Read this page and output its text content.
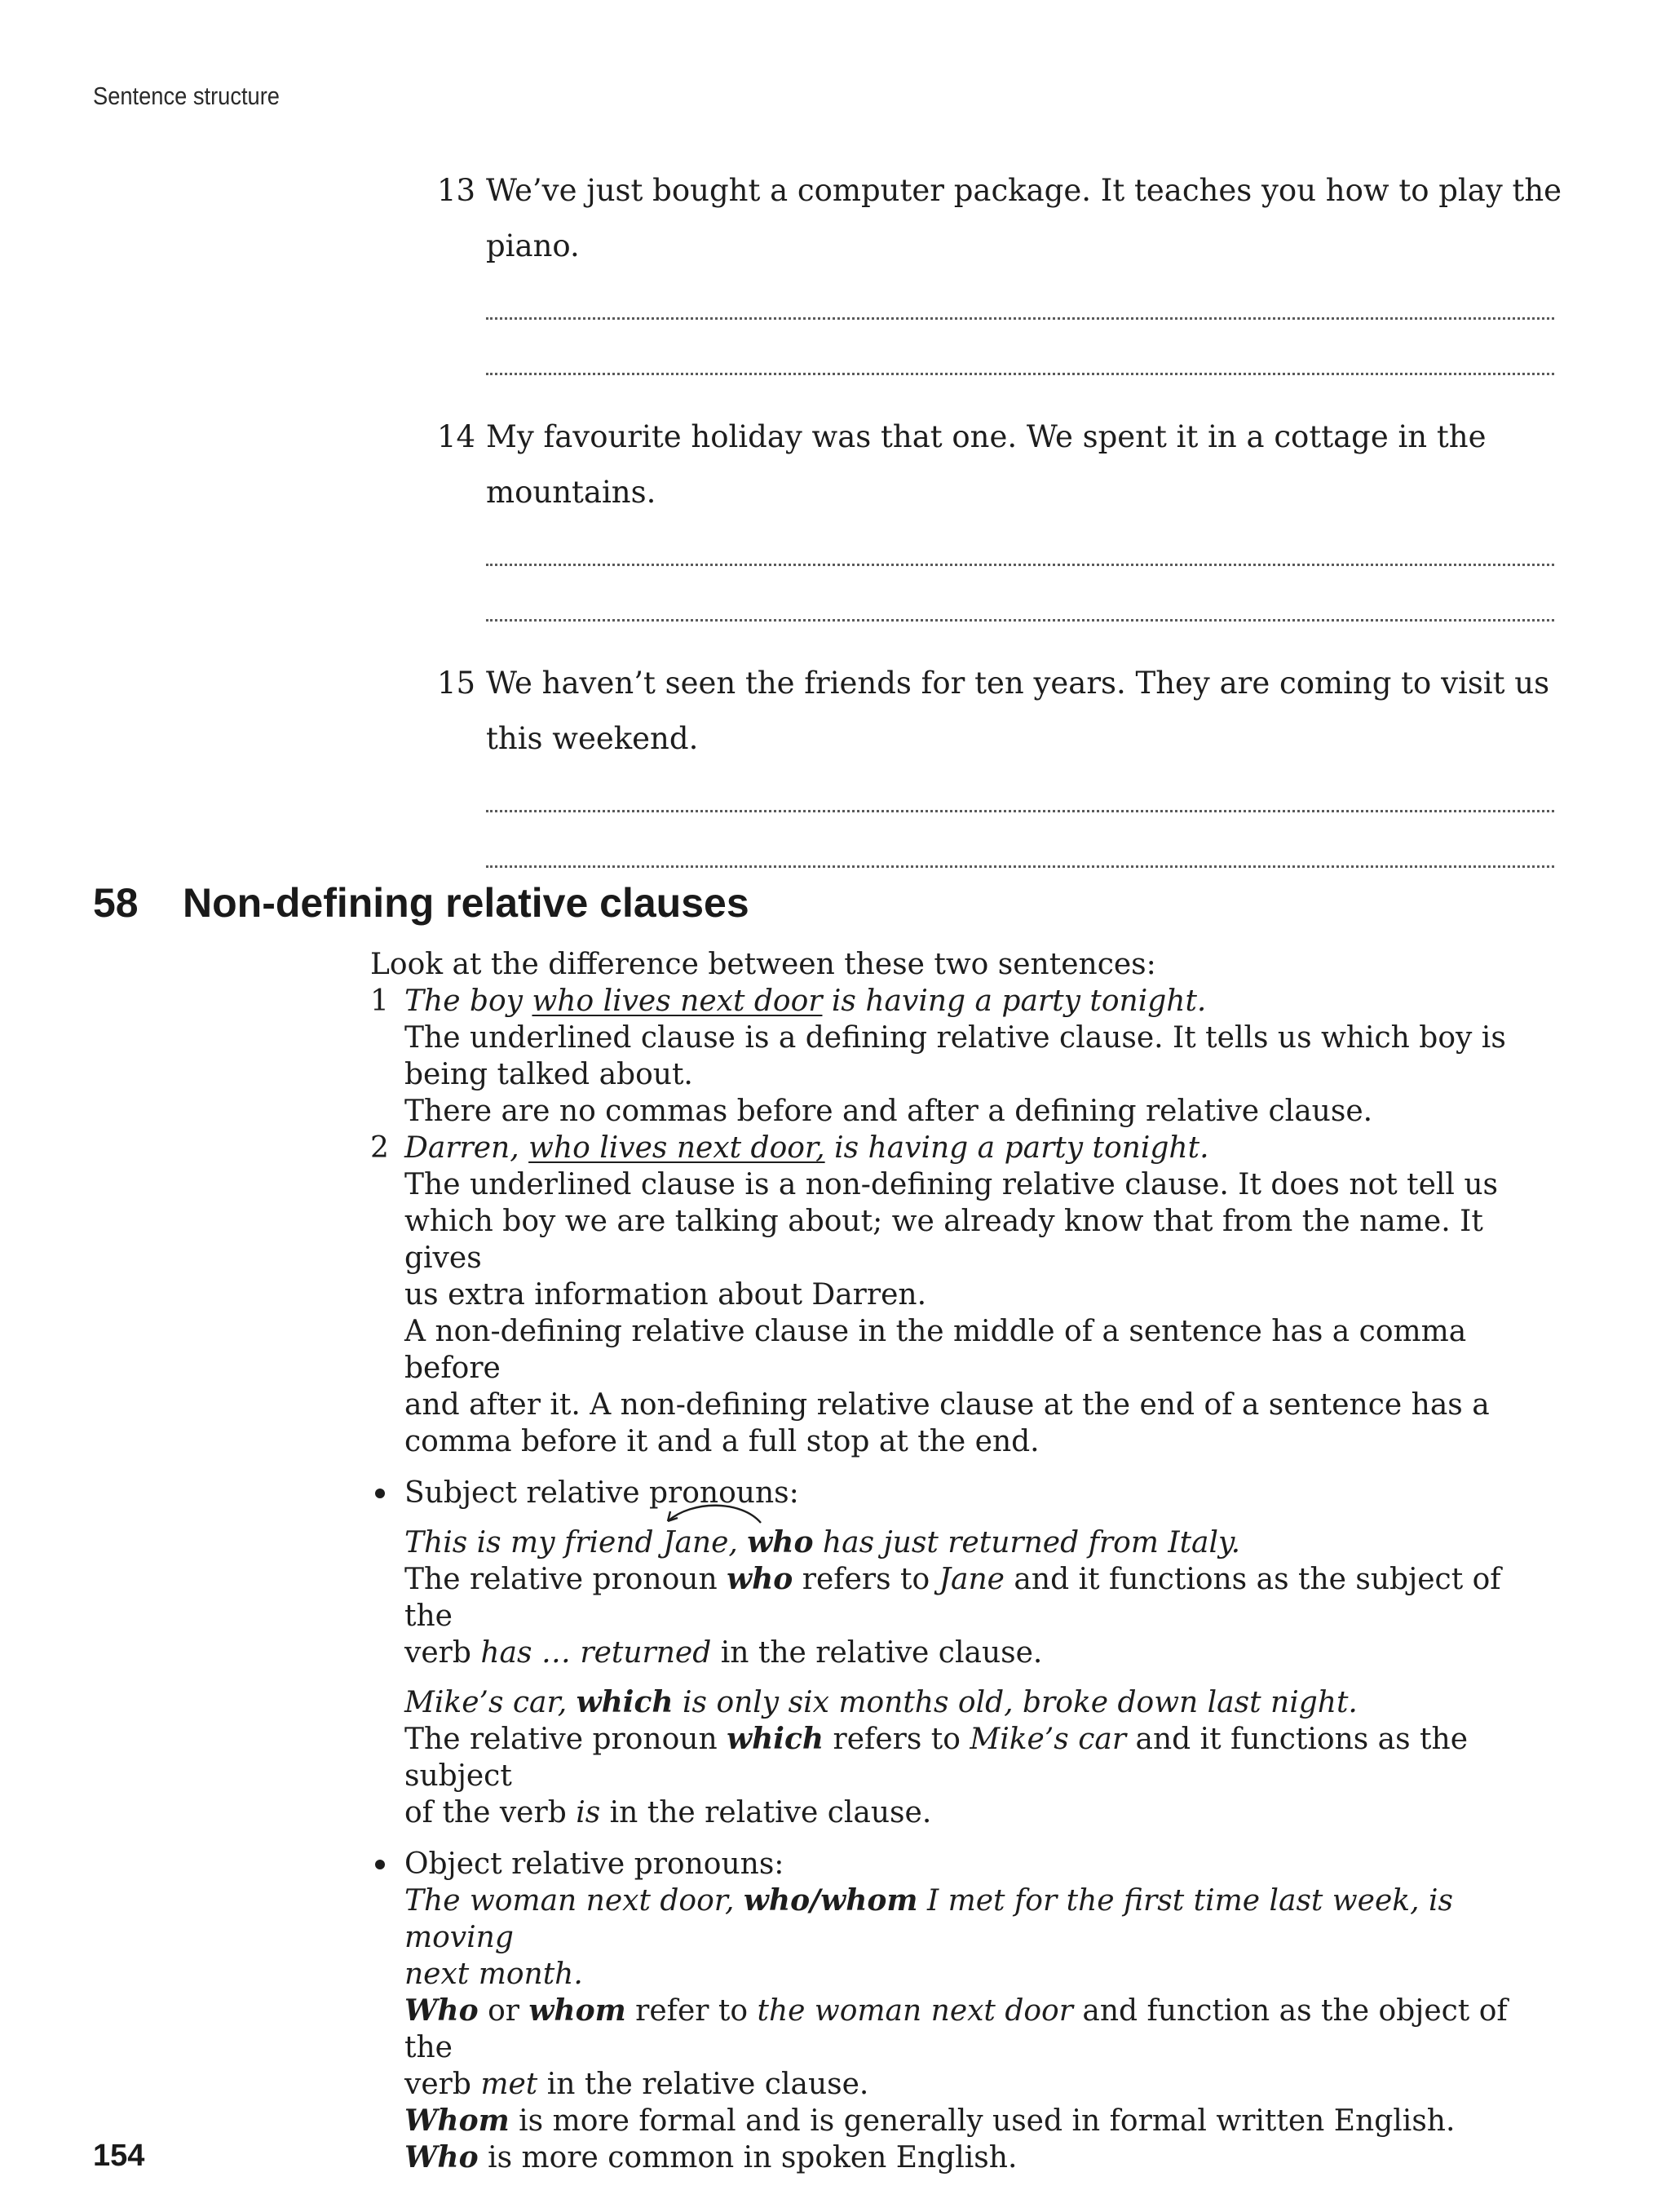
Sentence structure
13 We’ve just bought a computer package. It teaches you how to play the
piano.
14 My favourite holiday was that one. We spent it in a cottage in the
mountains.
15 We haven’t seen the friends for ten years. They are coming to visit us
this weekend.
58 Non-defining relative clauses

Look at the difference between these two sentences:

1 The boy who lives next door is having a party tonight.

The underlined clause is a defining relative clause. It tells us which boy is

being talked about.

There are no commas before and after a defining relative clause.

2 Darren, who lives next door, is having a party tonight.

The underlined clause is a non-defining relative clause. It does not tell us

which boy we are talking about; we already know that from the name. It gives

us extra information about Darren.

A non-defining relative clause in the middle of a sentence has a comma before

and after it. A non-defining relative clause at the end of a sentence has a

comma before it and a full stop at the end.

Subject relative pronouns:

This is my friend
Jane, who has just returned from Italy.

The relative pronoun who refers to Jane and it functions as the subject of the

verb has … returned in the relative clause.

Mike’s car, which is only six months old, broke down last night.

The relative pronoun which refers to Mike’s car and it functions as the subject

of the verb is in the relative clause.

Object relative pronouns:

The woman next door, who/whom I met for the first time last week, is moving

next month.

Who or whom refer to the woman next door and function as the object of the

verb met in the relative clause.

Whom is more formal and is generally used in formal written English.

Who is more common in spoken English.

154
